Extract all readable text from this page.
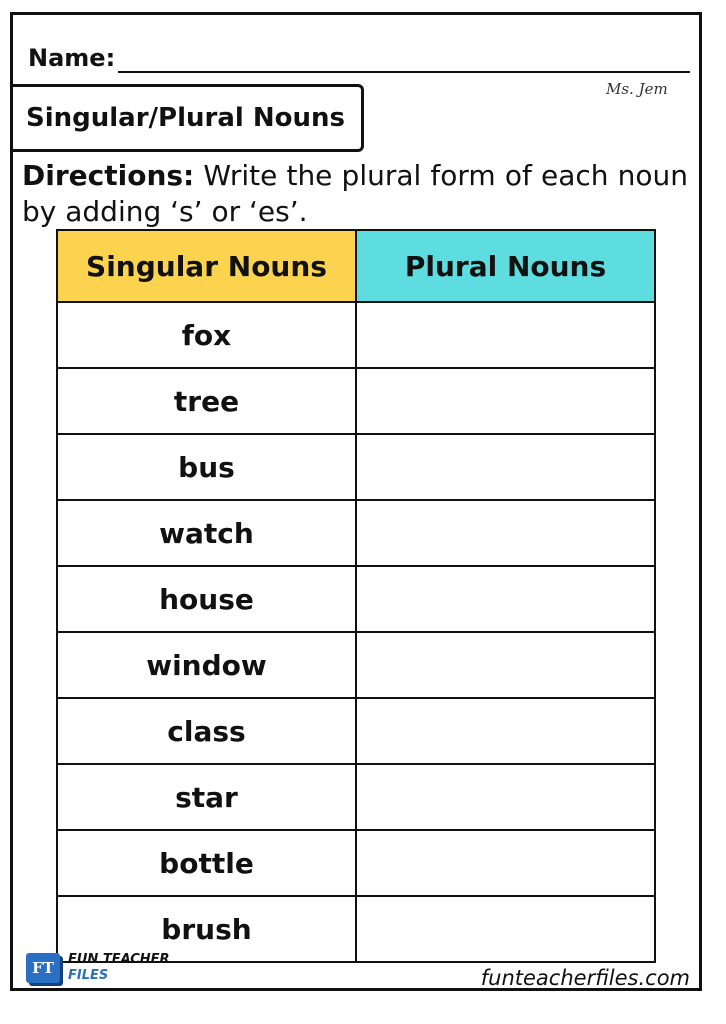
Name:
Ms. Jem
Singular/Plural Nouns
Directions: Write the plural form of each noun by adding ‘s’ or ‘es’.
Singular Nouns	Plural Nouns
fox	
tree	
bus	
watch	
house	
window	
class	
star	
bottle	
brush	
FT	FUN TEACHER
FILES	funteacherfiles.com
